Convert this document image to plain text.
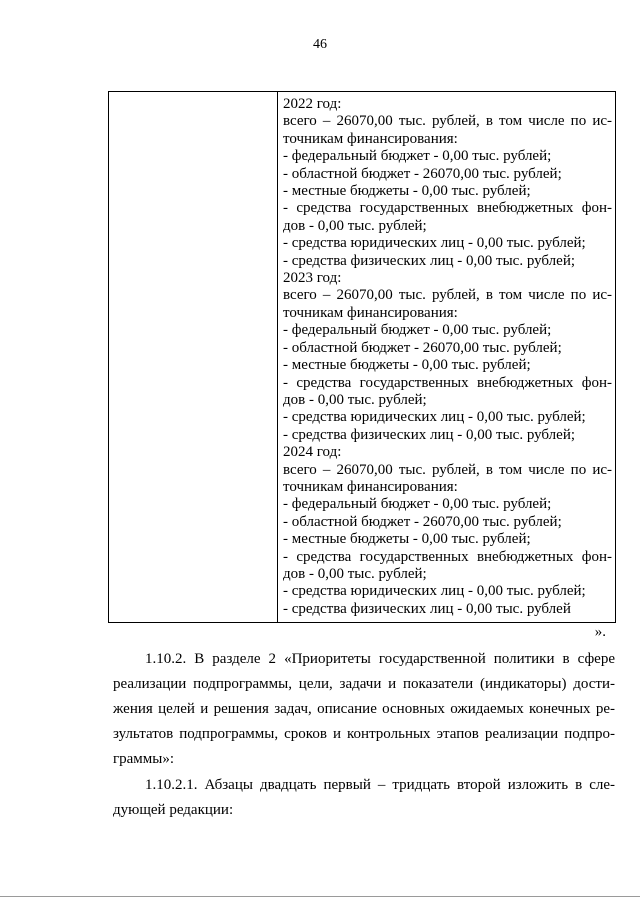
46

2022 год:
всего – 26070,00 тыс. рублей, в том числе по ис-
точникам финансирования:
- федеральный бюджет - 0,00 тыс. рублей;
- областной бюджет - 26070,00 тыс. рублей;
- местные бюджеты - 0,00 тыс. рублей;
- средства государственных внебюджетных фон-
дов - 0,00 тыс. рублей;
- средства юридических лиц - 0,00 тыс. рублей;
- средства физических лиц - 0,00 тыс. рублей;
2023 год:
всего – 26070,00 тыс. рублей, в том числе по ис-
точникам финансирования:
- федеральный бюджет - 0,00 тыс. рублей;
- областной бюджет - 26070,00 тыс. рублей;
- местные бюджеты - 0,00 тыс. рублей;
- средства государственных внебюджетных фон-
дов - 0,00 тыс. рублей;
- средства юридических лиц - 0,00 тыс. рублей;
- средства физических лиц - 0,00 тыс. рублей;
2024 год:
всего – 26070,00 тыс. рублей, в том числе по ис-
точникам финансирования:
- федеральный бюджет - 0,00 тыс. рублей;
- областной бюджет - 26070,00 тыс. рублей;
- местные бюджеты - 0,00 тыс. рублей;
- средства государственных внебюджетных фон-
дов - 0,00 тыс. рублей;
- средства юридических лиц - 0,00 тыс. рублей;
- средства физических лиц - 0,00 тыс. рублей
».
1.10.2. В разделе 2 «Приоритеты государственной политики в сфере
реализации подпрограммы, цели, задачи и показатели (индикаторы) дости-
жения целей и решения задач, описание основных ожидаемых конечных ре-
зультатов подпрограммы, сроков и контрольных этапов реализации подпро-
граммы»:
1.10.2.1. Абзацы двадцать первый – тридцать второй изложить в сле-
дующей редакции:
